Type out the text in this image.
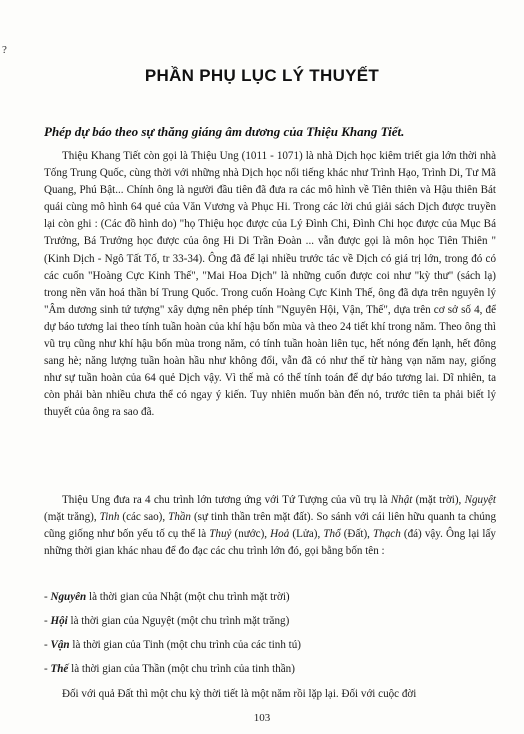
?
PHẦN PHỤ LỤC LÝ THUYẾT
Phép dự báo theo sự thăng giáng âm dương của Thiệu Khang Tiết.

Thiệu Khang Tiết còn gọi là Thiệu Ung (1011 - 1071) là nhà Dịch học kiêm triết gia lớn thời nhà Tống Trung Quốc, cùng thời với những nhà Dịch học nổi tiếng khác như Trình Hạo, Trình Di, Tư Mã Quang, Phú Bật... Chính ông là người đầu tiên đã đưa ra các mô hình về Tiên thiên và Hậu thiên Bát quái cùng mô hình 64 quẻ của Văn Vương và Phục Hi. Trong các lời chú giải sách Dịch được truyền lại còn ghi : (Các đồ hình do) "họ Thiệu học được của Lý Đình Chi, Đình Chi học được của Mục Bá Trưởng, Bá Trưởng học được của ông Hi Di Trần Đoàn ... vẫn được gọi là môn học Tiên Thiên " (Kinh Dịch - Ngô Tất Tố, tr 33-34). Ông đã để lại nhiều trước tác về Dịch có giá trị lớn, trong đó có các cuốn "Hoàng Cực Kinh Thế", "Mai Hoa Dịch" là những cuốn được coi như "kỳ thư" (sách lạ) trong nền văn hoá thần bí Trung Quốc. Trong cuốn Hoàng Cực Kinh Thế, ông đã dựa trên nguyên lý "Âm dương sinh tứ tượng" xây dựng nên phép tính "Nguyên Hội, Vận, Thế", dựa trên cơ sở số 4, để dự báo tương lai theo tính tuần hoàn của khí hậu bốn mùa và theo 24 tiết khí trong năm. Theo ông thì vũ trụ cũng như khí hậu bốn mùa trong năm, có tính tuần hoàn liên tục, hết nóng đến lạnh, hết đông sang hè; năng lượng tuần hoàn hầu như không đổi, vẫn đã có như thế từ hàng vạn năm nay, giống như sự tuần hoàn của 64 quẻ Dịch vậy. Vì thế mà có thể tính toán để dự báo tương lai. Dĩ nhiên, ta còn phải bàn nhiều chưa thể có ngay ý kiến. Tuy nhiên muốn bàn đến nó, trước tiên ta phải biết lý thuyết của ông ra sao đã.

Thiệu Ung đưa ra 4 chu trình lớn tương ứng với Tứ Tượng của vũ trụ là Nhật (mặt trời), Nguyệt (mặt trăng), Tinh (các sao), Thần (sự tinh thần trên mặt đất). So sánh với cái liên hữu quanh ta chúng cũng giống như bốn yếu tố cụ thể là Thuỷ (nước), Hoả (Lửa), Thổ (Đất), Thạch (đá) vậy. Ông lại lấy những thời gian khác nhau để đo đạc các chu trình lớn đó, gọi bằng bốn tên :

- Nguyên là thời gian của Nhật (một chu trình mặt trời)
- Hội là thời gian của Nguyệt (một chu trình mặt trăng)
- Vận là thời gian của Tinh (một chu trình của các tinh tú)
- Thế là thời gian của Thần (một chu trình của tinh thần)
Đối với quả Đất thì một chu kỳ thời tiết là một năm rồi lặp lại. Đối với cuộc đời
103
